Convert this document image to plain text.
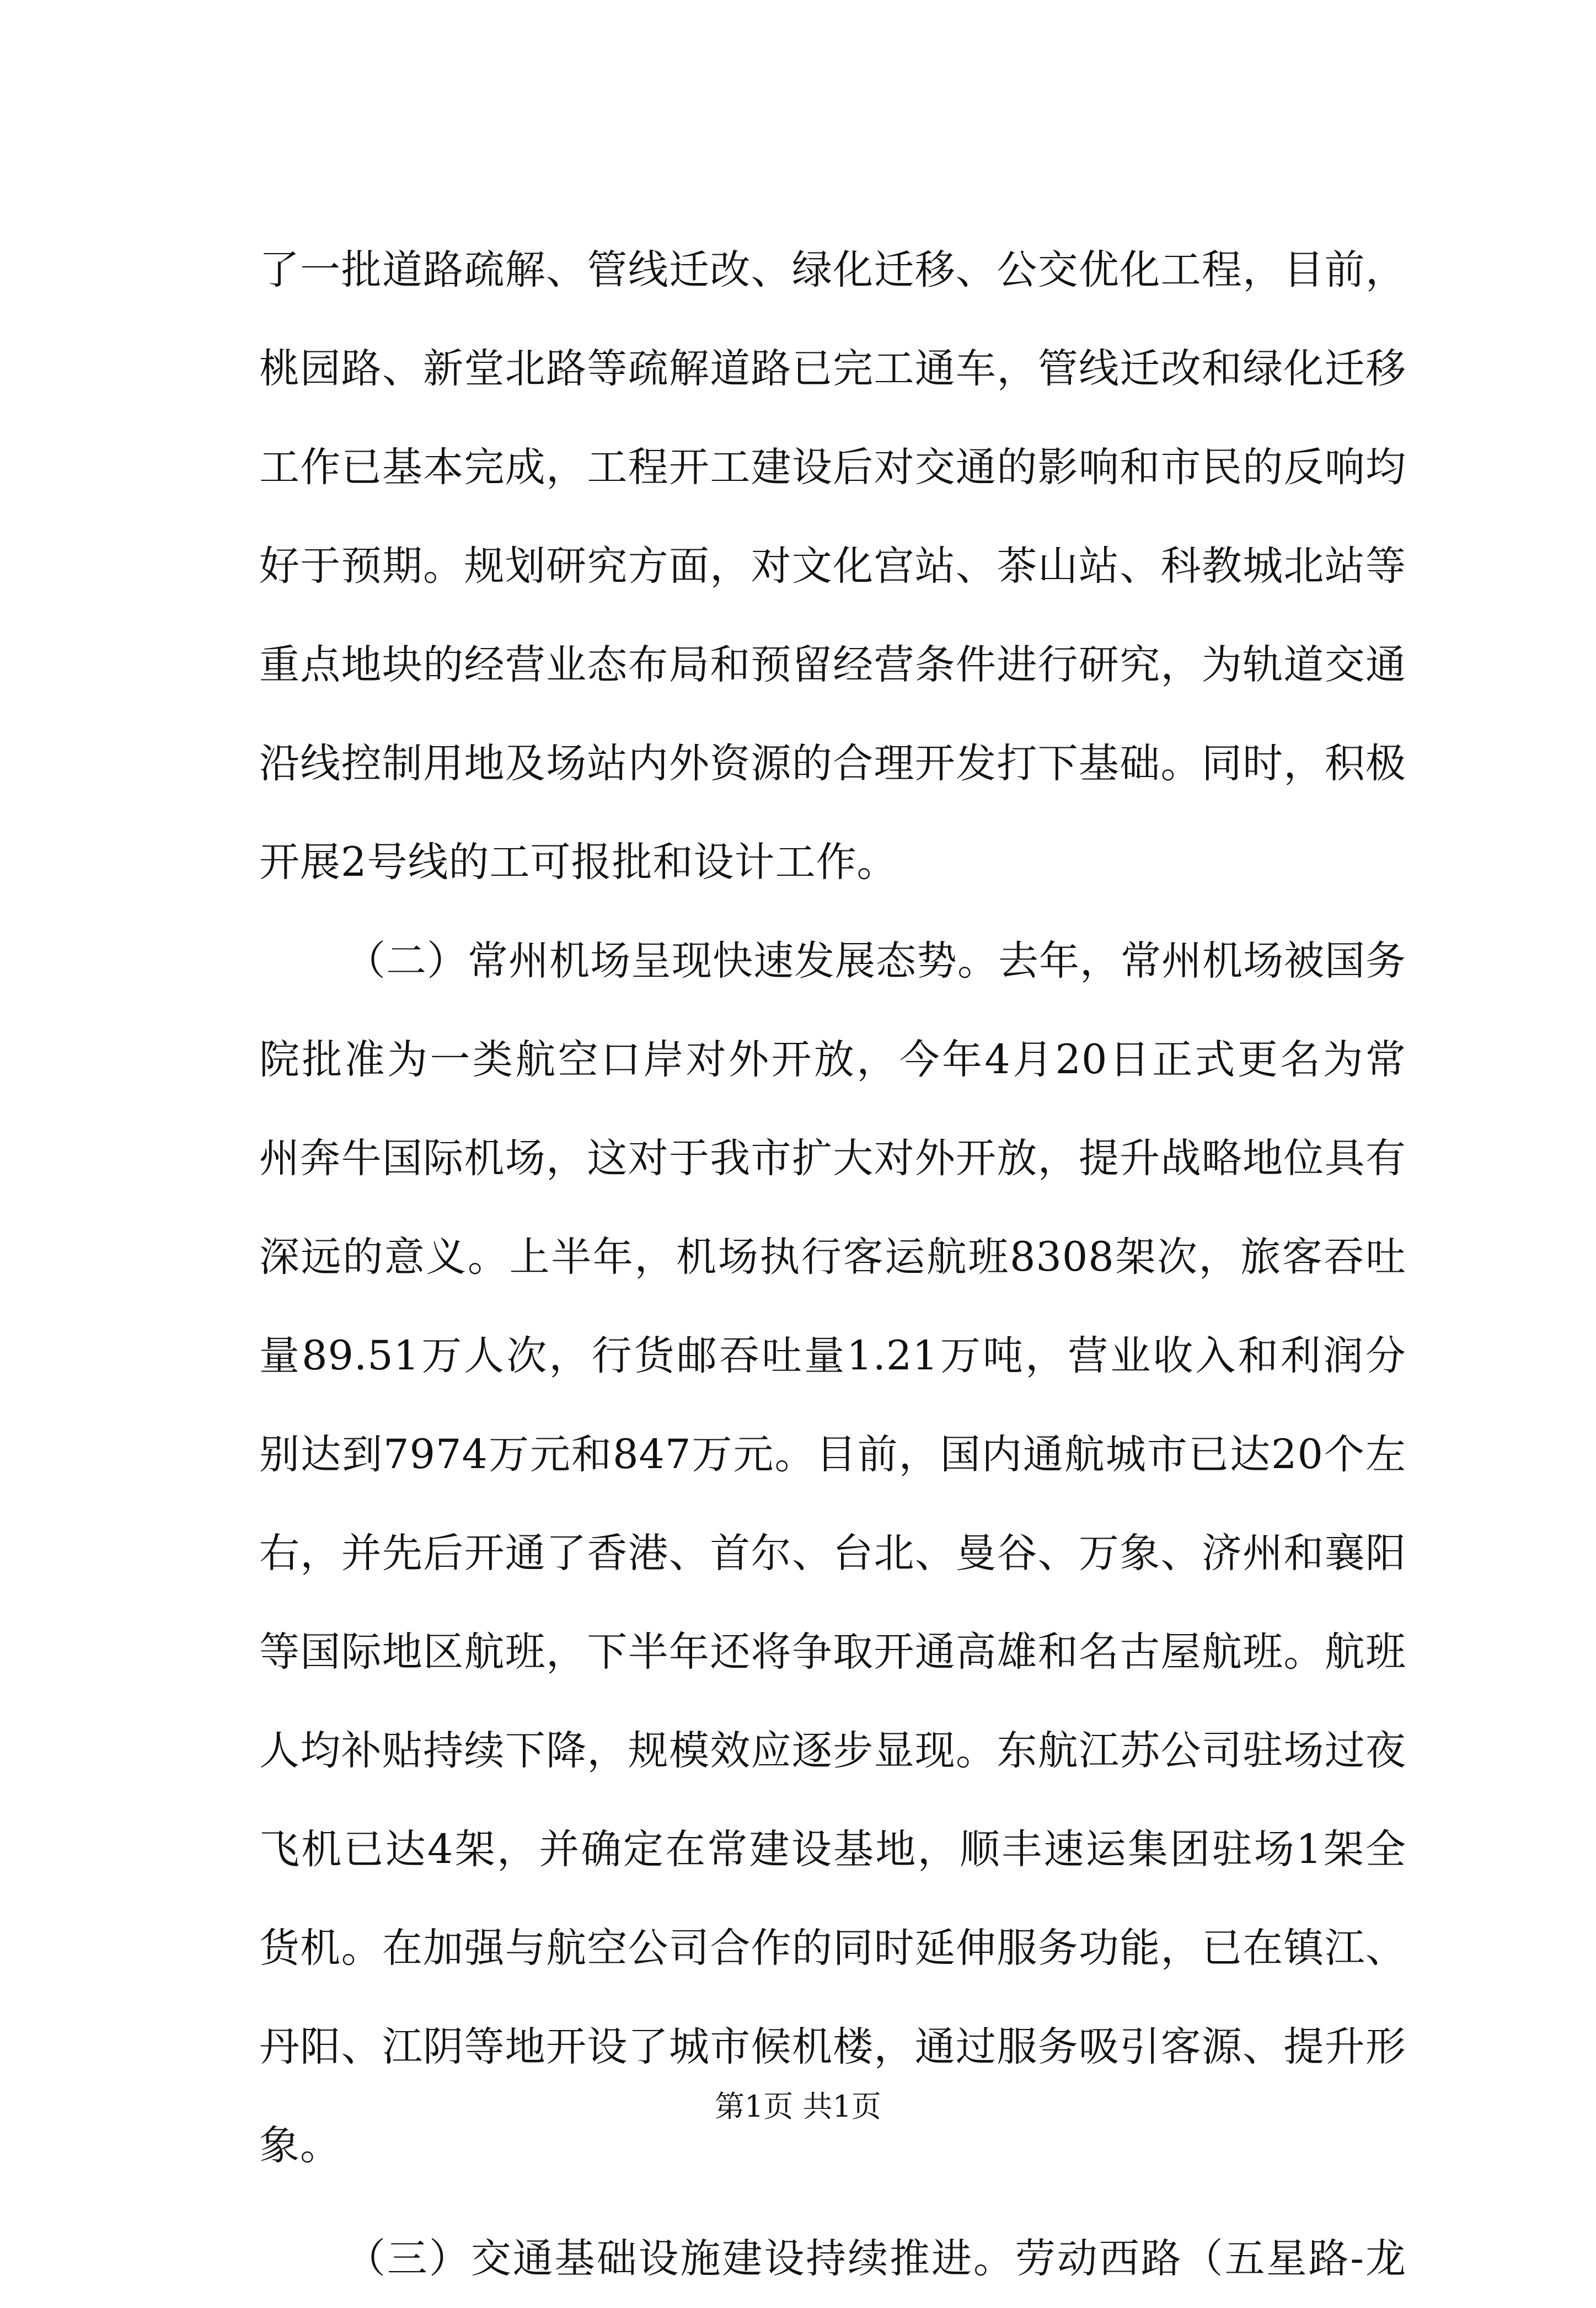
了一批道路疏解、管线迁改、绿化迁移、公交优化工程，目前，
桃园路、新堂北路等疏解道路已完工通车，管线迁改和绿化迁移
工作已基本完成，工程开工建设后对交通的影响和市民的反响均
好于预期。规划研究方面，对文化宫站、茶山站、科教城北站等
重点地块的经营业态布局和预留经营条件进行研究，为轨道交通
沿线控制用地及场站内外资源的合理开发打下基础。同时，积极
开展2号线的工可报批和设计工作。
（二）常州机场呈现快速发展态势。去年，常州机场被国务
院批准为一类航空口岸对外开放，今年4月20日正式更名为常
州奔牛国际机场，这对于我市扩大对外开放，提升战略地位具有
深远的意义。上半年，机场执行客运航班8308架次，旅客吞吐
量89.51万人次，行货邮吞吐量1.21万吨，营业收入和利润分
别达到7974万元和847万元。目前，国内通航城市已达20个左
右，并先后开通了香港、首尔、台北、曼谷、万象、济州和襄阳
等国际地区航班，下半年还将争取开通高雄和名古屋航班。航班
人均补贴持续下降，规模效应逐步显现。东航江苏公司驻场过夜
飞机已达4架，并确定在常建设基地，顺丰速运集团驻场1架全
货机。在加强与航空公司合作的同时延伸服务功能，已在镇江、
丹阳、江阴等地开设了城市候机楼，通过服务吸引客源、提升形
象。
（三）交通基础设施建设持续推进。劳动西路（五星路-龙
第1页 共1页
